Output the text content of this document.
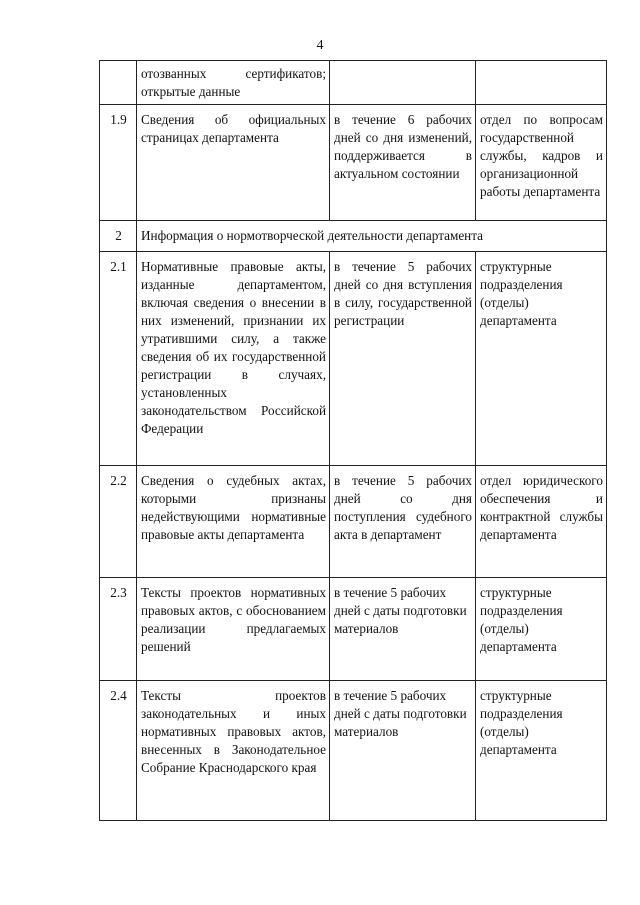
4

	отозванных сертификатов; открытые данные		

1.9	Сведения об официальных страницах департамента	в течение 6 рабочих дней со дня изменений, поддерживается в актуальном состоянии	отдел по вопросам государственной службы, кадров и организационной работы департамента

2	Информация о нормотворческой деятельности департамента		

2.1	Нормативные правовые акты, изданные департаментом, включая сведения о внесении в них изменений, признании их утратившими силу, а также сведения об их государственной регистрации в случаях, установленных законодательством Российской Федерации	в течение 5 рабочих дней со дня вступления в силу, государственной регистрации	структурные подразделения (отделы) департамента

2.2	Сведения о судебных актах, которыми признаны недействующими нормативные правовые акты департамента	в течение 5 рабочих дней со дня поступления судебного акта в департамент	отдел юридического обеспечения и контрактной службы департамента

2.3	Тексты проектов нормативных правовых актов, с обоснованием реализации предлагаемых решений	в течение 5 рабочих дней с даты подготовки материалов	структурные подразделения (отделы) департамента

2.4	Тексты проектов законодательных и иных нормативных правовых актов, внесенных в Законодательное Собрание Краснодарского края	в течение 5 рабочих дней с даты подготовки материалов	структурные подразделения (отделы) департамента
